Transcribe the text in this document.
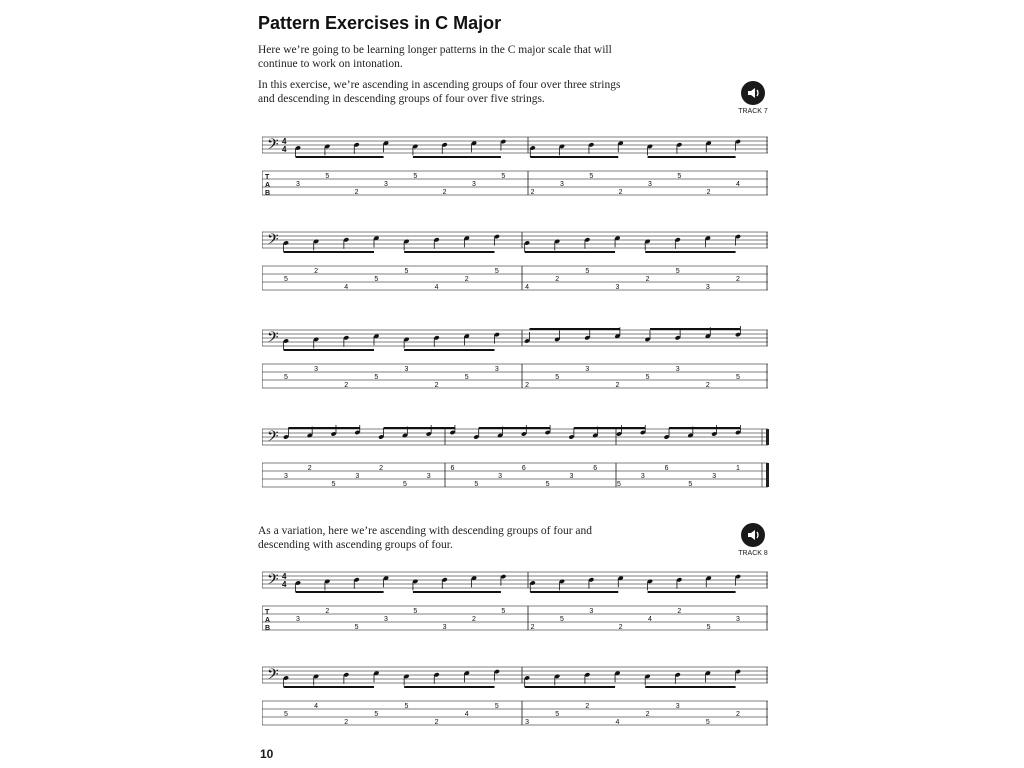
Pattern Exercises in C Major

Here we’re going to be learning longer patterns in the C major scale that will continue to work on intonation.

In this exercise, we’re ascending in ascending groups of four over three strings and descending in descending groups of four over five strings.

As a variation, here we’re ascending with descending groups of four and descending with ascending groups of four.

TRACK 7
TRACK 8
𝄢 4
4
T
A
B
3
5
2
3
5
2
3
5
2
3
5
2
3
5
2
4
𝄢
5
2
4
5
5
4
2
5
4
2
5
3
2
5
3
2
𝄢
5
3
2
5
3
2
5
3
2
5
3
2
5
3
2
5
𝄢
3
2
5
3
2
5
3
6
5
3
6
5
3
6
5
3
6
5
3
1
𝄢 4
4
T
A
B
3
2
5
3
5
3
2
5
2
5
3
2
4
2
5
3
𝄢
5
4
2
5
5
2
4
5
3
5
2
4
2
3
5
2

10
